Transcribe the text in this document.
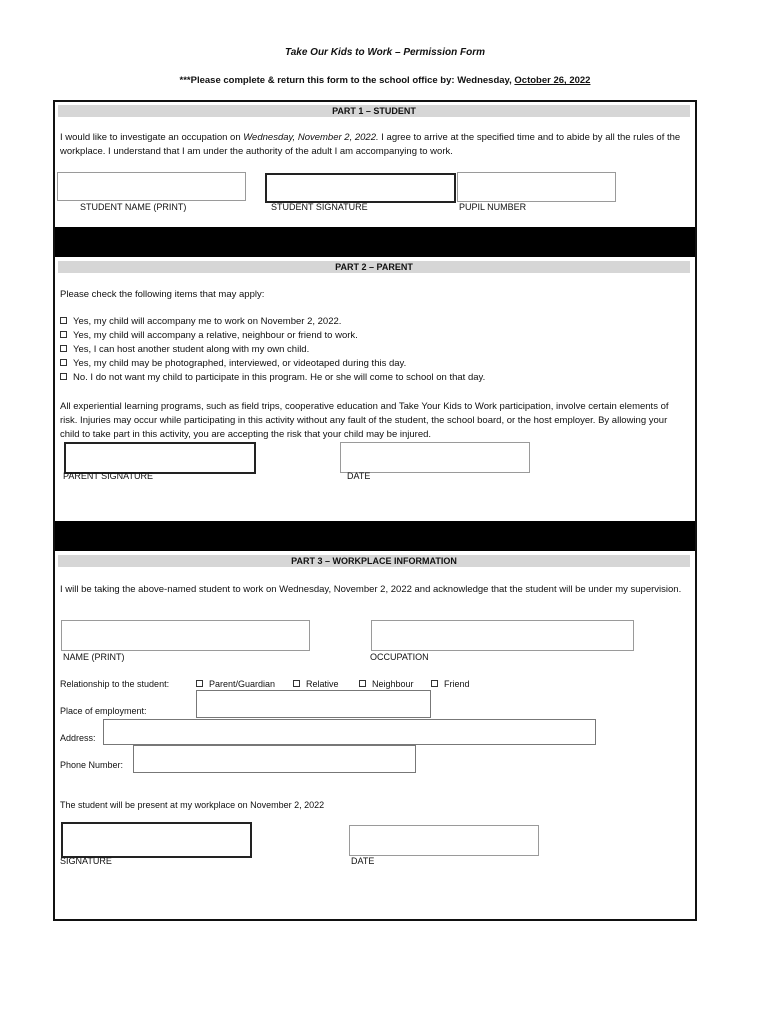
Take Our Kids to Work – Permission Form
***Please complete & return this form to the school office by: Wednesday, October 26, 2022
PART 1 – STUDENT
I would like to investigate an occupation on Wednesday, November 2, 2022. I agree to arrive at the specified time and to abide by all the rules of the workplace. I understand that I am under the authority of the adult I am accompanying to work.
STUDENT NAME (PRINT)	STUDENT SIGNATURE	PUPIL NUMBER
PART 2 – PARENT
Please check the following items that may apply:
Yes, my child will accompany me to work on November 2, 2022.
Yes, my child will accompany a relative, neighbour or friend to work.
Yes, I can host another student along with my own child.
Yes, my child may be photographed, interviewed, or videotaped during this day.
No. I do not want my child to participate in this program. He or she will come to school on that day.
All experiential learning programs, such as field trips, cooperative education and Take Your Kids to Work participation, involve certain elements of risk. Injuries may occur while participating in this activity without any fault of the student, the school board, or the host employer. By allowing your child to take part in this activity, you are accepting the risk that your child may be injured.
PARENT SIGNATURE	DATE
PART 3 – WORKPLACE INFORMATION
I will be taking the above-named student to work on Wednesday, November 2, 2022 and acknowledge that the student will be under my supervision.
NAME (PRINT)	OCCUPATION
Relationship to the student:	Parent/Guardian	Relative	Neighbour	Friend
Place of employment:
Address:
Phone Number:
The student will be present at my workplace on November 2, 2022
SIGNATURE	DATE
